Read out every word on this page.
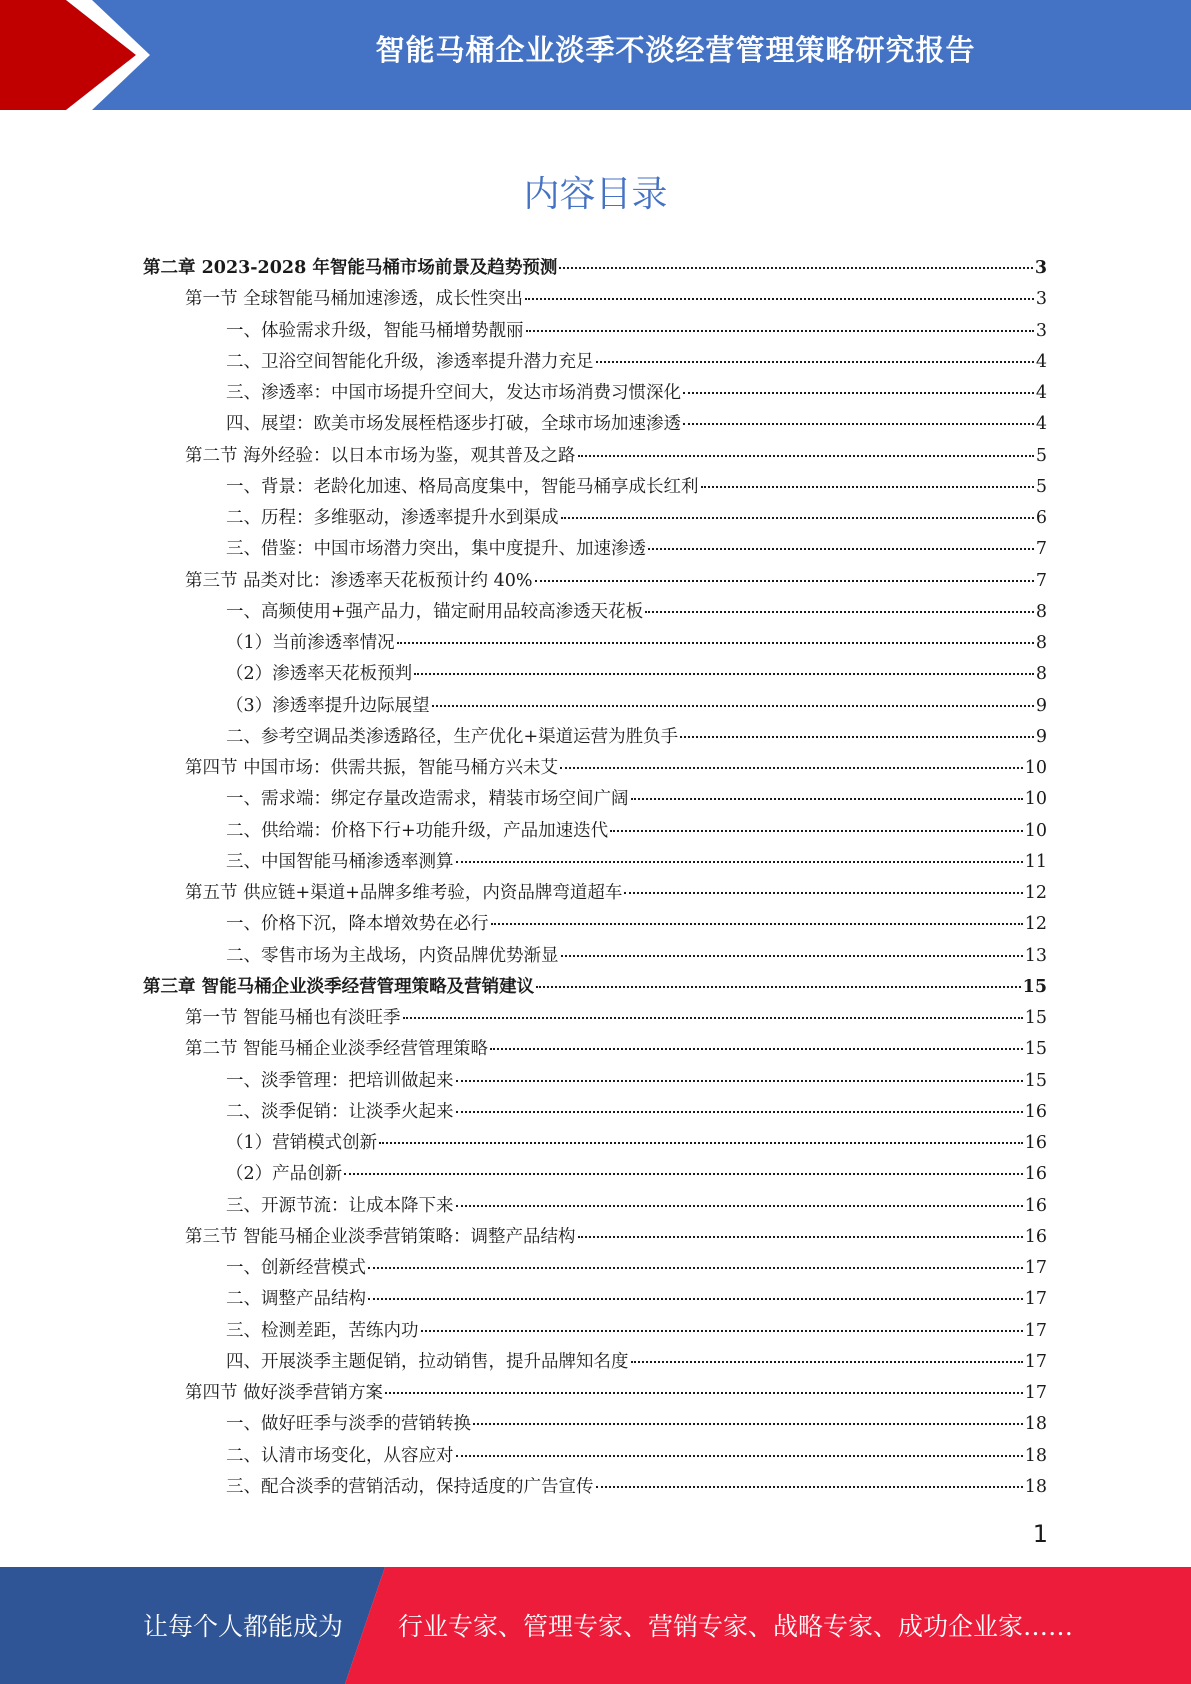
智能马桶企业淡季不淡经营管理策略研究报告
内容目录
第二章 2023-2028 年智能马桶市场前景及趋势预测	3
第一节 全球智能马桶加速渗透，成长性突出	3
一、体验需求升级，智能马桶增势靓丽	3
二、卫浴空间智能化升级，渗透率提升潜力充足	4
三、渗透率：中国市场提升空间大，发达市场消费习惯深化	4
四、展望：欧美市场发展桎梏逐步打破，全球市场加速渗透	4
第二节 海外经验：以日本市场为鉴，观其普及之路	5
一、背景：老龄化加速、格局高度集中，智能马桶享成长红利	5
二、历程：多维驱动，渗透率提升水到渠成	6
三、借鉴：中国市场潜力突出，集中度提升、加速渗透	7
第三节 品类对比：渗透率天花板预计约 40%	7
一、高频使用+强产品力，锚定耐用品较高渗透天花板	8
（1）当前渗透率情况	8
（2）渗透率天花板预判	8
（3）渗透率提升边际展望	9
二、参考空调品类渗透路径，生产优化+渠道运营为胜负手	9
第四节 中国市场：供需共振，智能马桶方兴未艾	10
一、需求端：绑定存量改造需求，精装市场空间广阔	10
二、供给端：价格下行+功能升级，产品加速迭代	10
三、中国智能马桶渗透率测算	11
第五节 供应链+渠道+品牌多维考验，内资品牌弯道超车	12
一、价格下沉，降本增效势在必行	12
二、零售市场为主战场，内资品牌优势渐显	13
第三章 智能马桶企业淡季经营管理策略及营销建议	15
第一节 智能马桶也有淡旺季	15
第二节 智能马桶企业淡季经营管理策略	15
一、淡季管理：把培训做起来	15
二、淡季促销：让淡季火起来	16
（1）营销模式创新	16
（2）产品创新	16
三、开源节流：让成本降下来	16
第三节 智能马桶企业淡季营销策略：调整产品结构	16
一、创新经营模式	17
二、调整产品结构	17
三、检测差距，苦练内功	17
四、开展淡季主题促销，拉动销售，提升品牌知名度	17
第四节 做好淡季营销方案	17
一、做好旺季与淡季的营销转换	18
二、认清市场变化，从容应对	18
三、配合淡季的营销活动，保持适度的广告宣传	18
1
让每个人都能成为 行业专家、管理专家、营销专家、战略专家、成功企业家……
